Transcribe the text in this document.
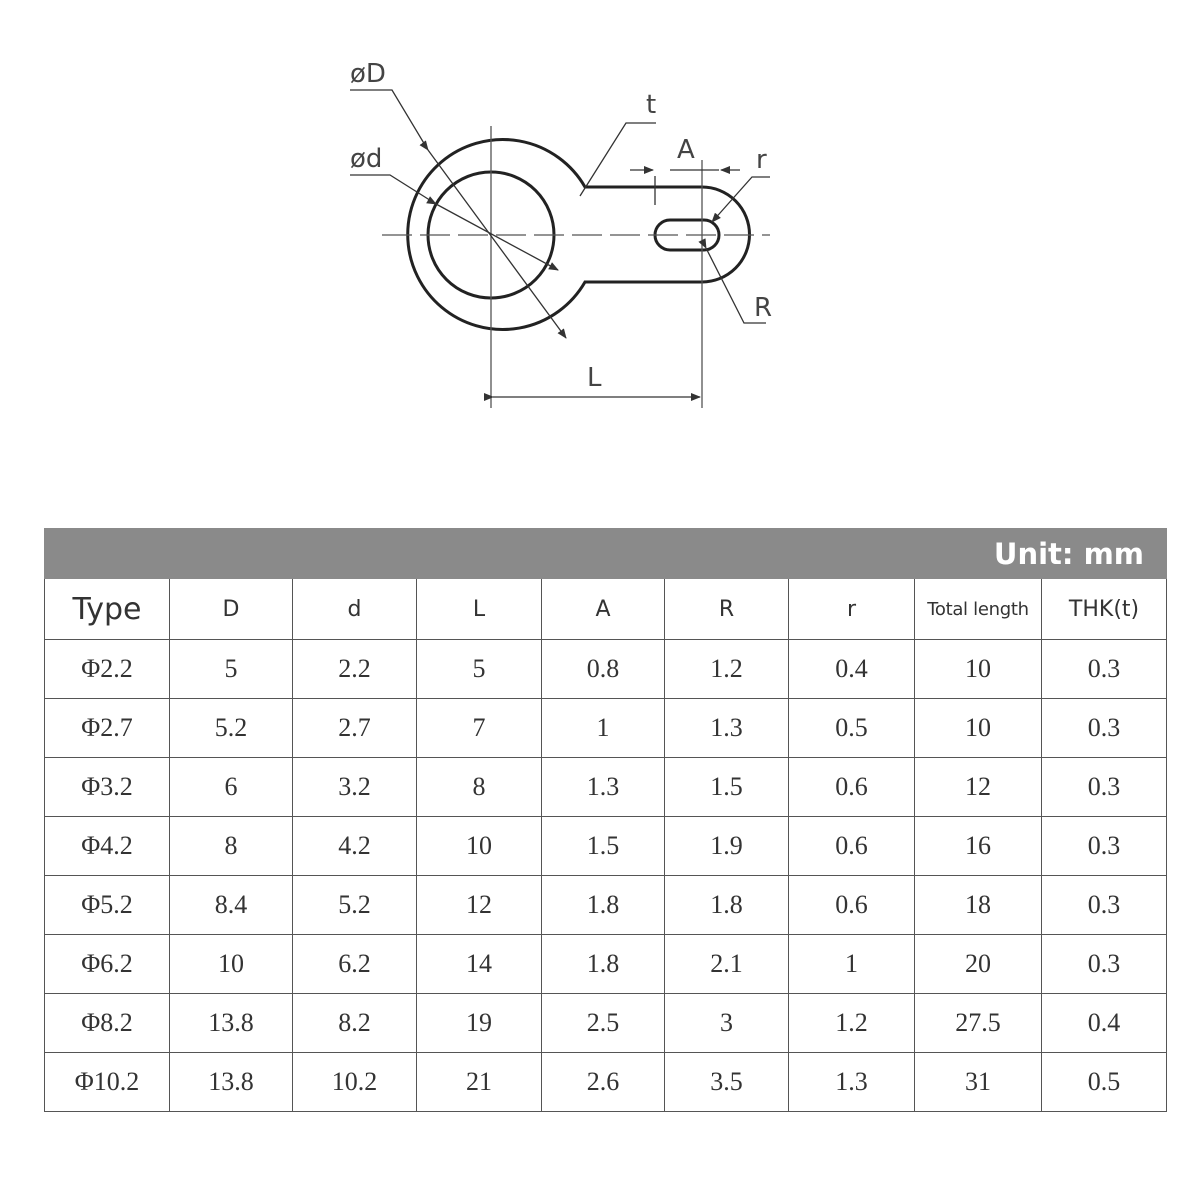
øD
ød
t
A r
R
L
Unit: mm								
Type	D	d	L	A	R	r	Total length	THK(t)
Φ2.2	5	2.2	5	0.8	1.2	0.4	10	0.3
Φ2.7	5.2	2.7	7	1	1.3	0.5	10	0.3
Φ3.2	6	3.2	8	1.3	1.5	0.6	12	0.3
Φ4.2	8	4.2	10	1.5	1.9	0.6	16	0.3
Φ5.2	8.4	5.2	12	1.8	1.8	0.6	18	0.3
Φ6.2	10	6.2	14	1.8	2.1	1	20	0.3
Φ8.2	13.8	8.2	19	2.5	3	1.2	27.5	0.4
Φ10.2	13.8	10.2	21	2.6	3.5	1.3	31	0.5
